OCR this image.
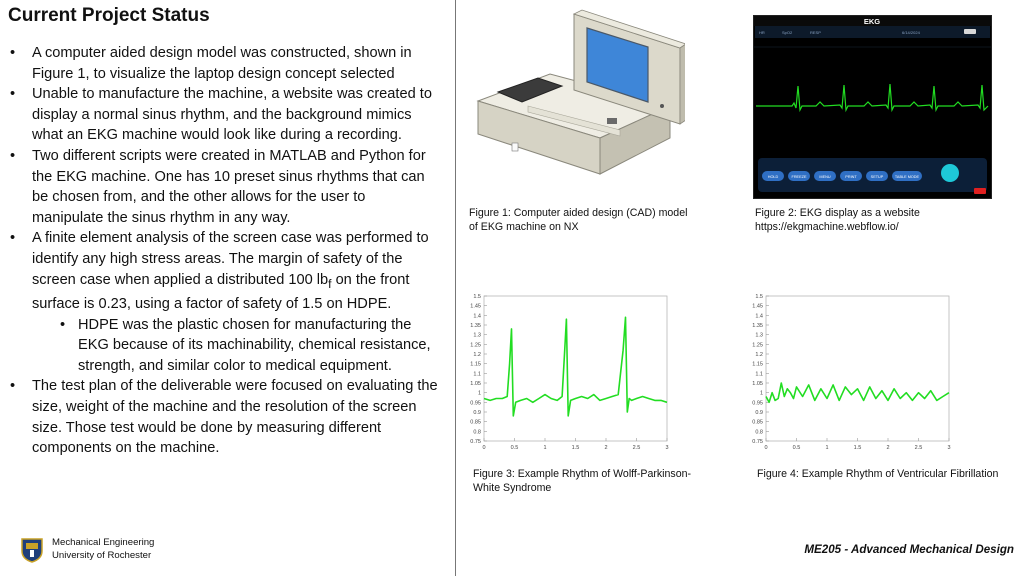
Current Project Status
• A computer aided design model was constructed, shown in Figure 1, to visualize the laptop design concept selected
• Unable to manufacture the machine, a website was created to display a normal sinus rhythm, and the background mimics what an EKG machine would look like during a recording.
• Two different scripts were created in MATLAB and Python for the EKG machine. One has 10 preset sinus rhythms that can be chosen from, and the other allows for the user to manipulate the sinus rhythm in any way.
• A finite element analysis of the screen case was performed to identify any high stress areas. The margin of safety of the screen case when applied a distributed 100 $lb_f$ on the front surface is 0.23, using a factor of safety of 1.5 on HDPE.
• HDPE was the plastic chosen for manufacturing the EKG because of its machinability, chemical resistance, strength, and similar color to medical equipment.
• The test plan of the deliverable were focused on evaluating the size, weight of the machine and the resolution of the screen size. Those test would be done by measuring different components on the machine.
Mechanical Engineering
University of Rochester

Figure 1: Computer aided design (CAD) model of EKG machine on NX

EKG
HR	SpO2	RESP	6/14/2024
HOLD	FREEZE	MENU	PRINT	SETUP	TABLE MODE
Figure 2: EKG display as a website
https://ekgmachine.webflow.io/
0.75
0.8
0.85
0.9
0.95
1
1.05
1.1
1.15
1.2
1.25
1.3
1.35
1.4
1.45
1.5
0	0.5	1	1.5	2	2.5	3

Figure 3: Example Rhythm of Wolff-Parkinson-White Syndrome

0.75
0.8
0.85
0.9
0.95
1
1.05
1.1
1.15
1.2
1.25
1.3
1.35
1.4
1.45
1.5
0	0.5	1	1.5	2	2.5	3

Figure 4: Example Rhythm of Ventricular Fibrillation

ME205 - Advanced Mechanical Design
